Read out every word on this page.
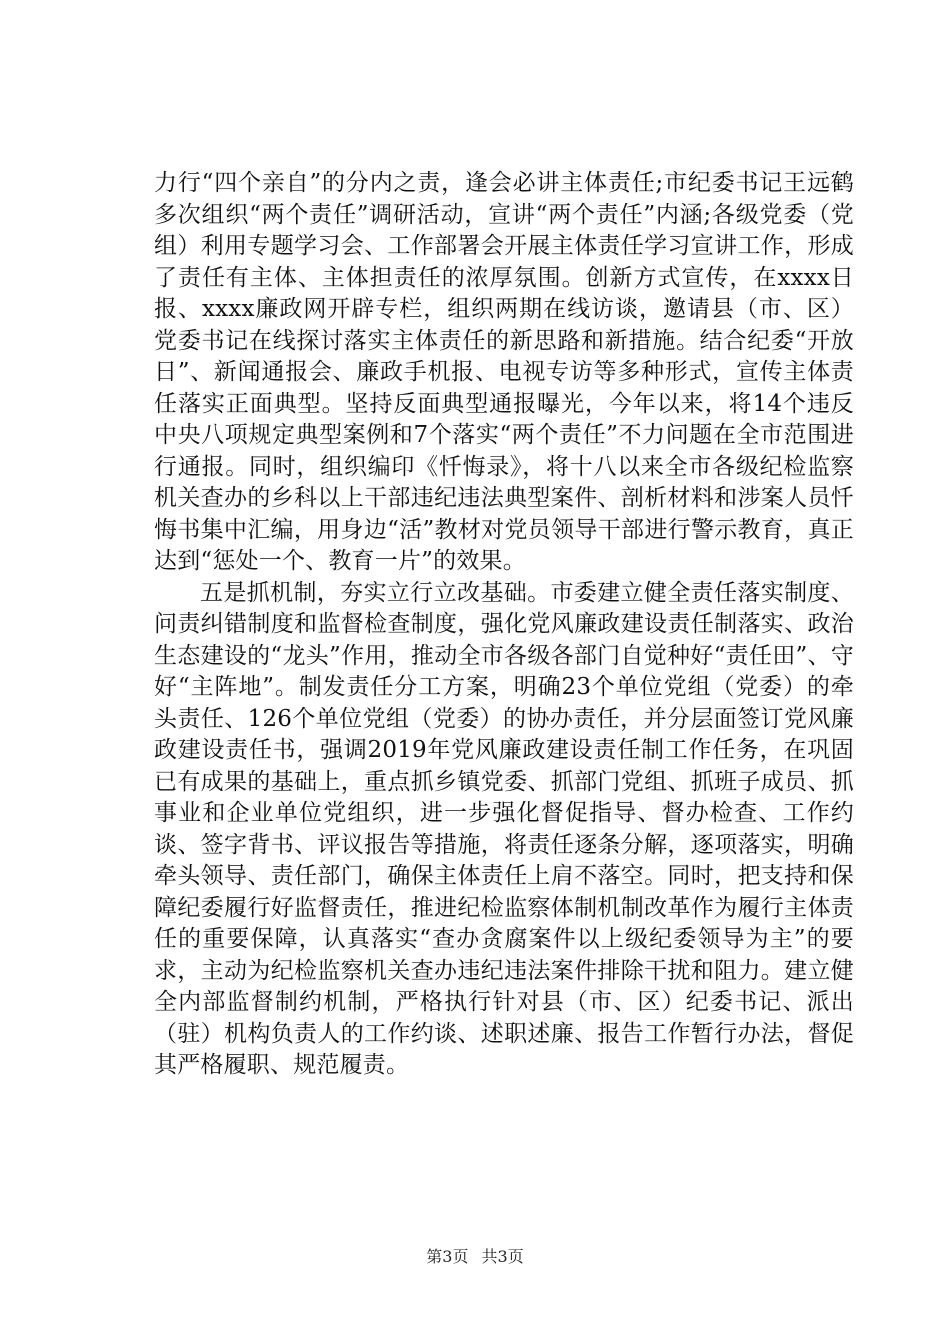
力行“四个亲自”的分内之责，逢会必讲主体责任;市纪委书记王远鹤多次组织“两个责任”调研活动，宣讲“两个责任”内涵;各级党委（党组）利用专题学习会、工作部署会开展主体责任学习宣讲工作，形成了责任有主体、主体担责任的浓厚氛围。创新方式宣传，在xxxx日报、xxxx廉政网开辟专栏，组织两期在线访谈，邀请县（市、区）党委书记在线探讨落实主体责任的新思路和新措施。结合纪委“开放日”、新闻通报会、廉政手机报、电视专访等多种形式，宣传主体责任落实正面典型。坚持反面典型通报曝光，今年以来，将14个违反中央八项规定典型案例和7个落实“两个责任”不力问题在全市范围进行通报。同时，组织编印《忏悔录》，将十八以来全市各级纪检监察机关查办的乡科以上干部违纪违法典型案件、剖析材料和涉案人员忏悔书集中汇编，用身边“活”教材对党员领导干部进行警示教育，真正达到“惩处一个、教育一片”的效果。

五是抓机制，夯实立行立改基础。市委建立健全责任落实制度、问责纠错制度和监督检查制度，强化党风廉政建设责任制落实、政治生态建设的“龙头”作用，推动全市各级各部门自觉种好“责任田”、守好“主阵地”。制发责任分工方案，明确23个单位党组（党委）的牵头责任、126个单位党组（党委）的协办责任，并分层面签订党风廉政建设责任书，强调2019年党风廉政建设责任制工作任务，在巩固已有成果的基础上，重点抓乡镇党委、抓部门党组、抓班子成员、抓事业和企业单位党组织，进一步强化督促指导、督办检查、工作约谈、签字背书、评议报告等措施，将责任逐条分解，逐项落实，明确牵头领导、责任部门，确保主体责任上肩不落空。同时，把支持和保障纪委履行好监督责任，推进纪检监察体制机制改革作为履行主体责任的重要保障，认真落实“查办贪腐案件以上级纪委领导为主”的要求，主动为纪检监察机关查办违纪违法案件排除干扰和阻力。建立健全内部监督制约机制，严格执行针对县（市、区）纪委书记、派出（驻）机构负责人的工作约谈、述职述廉、报告工作暂行办法，督促其严格履职、规范履责。

第3页 共3页
